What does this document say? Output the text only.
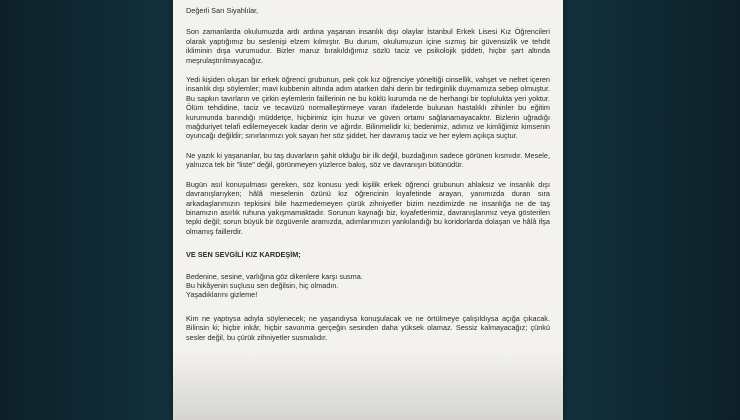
Değerli Sarı Siyahlılar,

Son zamanlarda okulumuzda ardı ardına yaşanan insanlık dışı olaylar İstanbul Erkek Lisesi Kız Öğrencileri olarak yaptığımız bu seslenişi elzem kılmıştır. Bu durum, okulumuzun içine sızmış bir güvensizlik ve tehdit ikliminin dışa vurumudur. Bizler maruz bırakıldığımız sözlü taciz ve psikolojik şiddeti, hiçbir şart altında meşrulaştırılmayacağız.

Yedi kişiden oluşan bir erkek öğrenci grubunun, pek çok kız öğrenciye yöneltiği cinsellik, vahşet ve nefret içeren insanlık dışı söylemler; mavi kubbenin altında adım atarken dahi derin bir tedirginlik duymamıza sebep olmuştur. Bu sapkın tavırların ve çirkin eylemlerin faillerinin ne bu köklü kurumda ne de herhangi bir toplulukta yeri yoktur. Ölüm tehdidine, taciz ve tecavüzü normalleştirmeye varan ifadelerde bulunan hastalıklı zihinler bu eğitim kurumunda barındığı müddetçe, hiçbirimiz için huzur ve güven ortamı sağlanamayacaktır. Bizlerin uğradığı mağduriyet telafi edilemeyecek kadar derin ve ağırdır. Bilinmelidir ki; bedenimiz, adımız ve kimliğimiz kimsenin oyuncağı değildir; sınırlarımızı yok sayan her söz şiddet, her davranış taciz ve her eylem açıkça suçtur.

Ne yazık ki yaşananlar, bu taş duvarların şahit olduğu bir ilk değil, buzdağının sadece görünen kısmıdır. Mesele, yalnızca tek bir "liste" değil, görünmeyen yüzlerce bakış, söz ve davranışın bütünüdür.

Bugün asıl konuşulması gereken, söz konusu yedi kişilik erkek öğrenci grubunun ahlaksız ve insanlık dışı davranışlarıyken; hâlâ meselenin özünü kız öğrencinin kıyafetinde arayan, yanımızda duran sıra arkadaşlarımızın tepkisini bile hazmedemeyen çürük zihniyetler bizim nezdimizde ne insanlığa ne de taş binamızın asırlık ruhuna yakışmamaktadır. Sorunun kaynağı biz, kıyafetlerimiz, davranışlarımız veya gösterilen tepki değil; sorun büyük bir özgüvenle aramızda, adımlarımızın yankılandığı bu koridorlarda dolaşan ve hâlâ ifşa olmamış faillerdir.

VE SEN SEVGİLİ KIZ KARDEŞİM;

Bedenine, sesine, varlığına göz dikenlere karşı susma.

Bu hikâyenin suçlusu sen değilsin, hiç olmadın.

Yaşadıklarını gizleme!

Kim ne yaptıysa adıyla söylenecek; ne yaşandıysa konuşulacak ve ne örtülmeye çalışıldıysa açığa çıkacak. Bilinsin ki; hiçbir inkâr, hiçbir savunma gerçeğin sesinden daha yüksek olamaz. Sessiz kalmayacağız; çünkü sesler değil, bu çürük zihniyetler susmalıdır.
